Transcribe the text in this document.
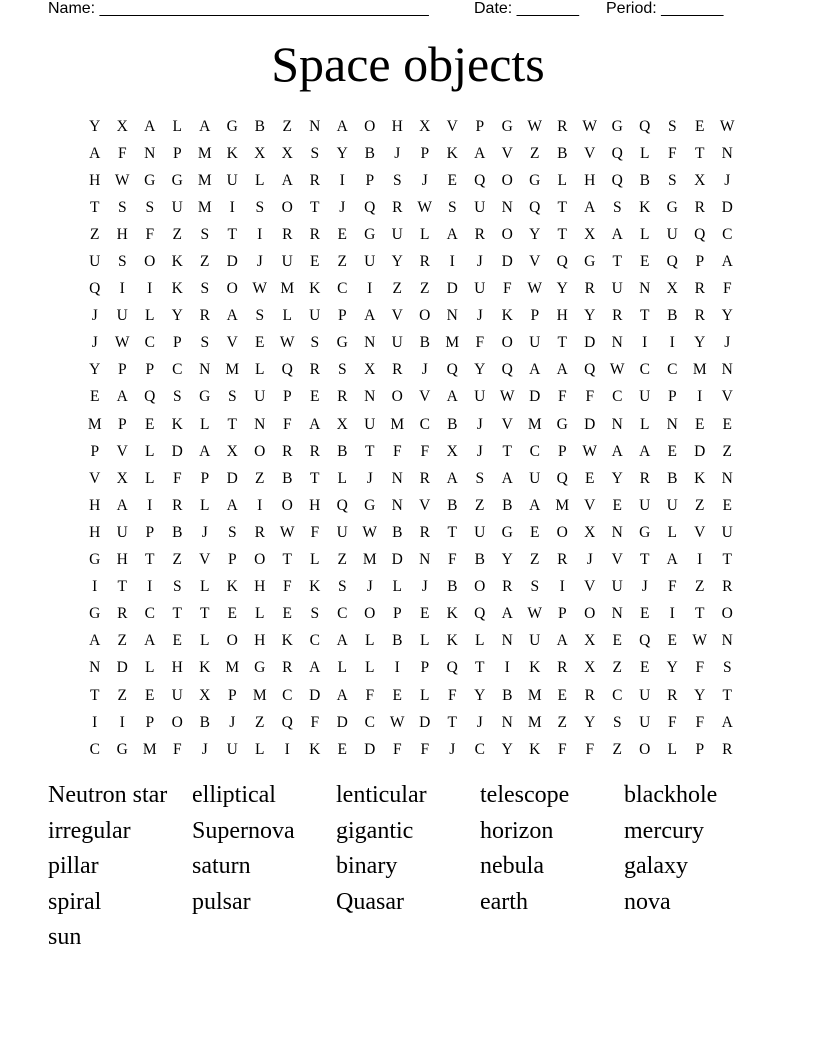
Name: _____________________________________	Date: _______ Period: _______
Space objects
Y	X	A	L	A	G	B	Z	N	A	O	H	X	V	P	G W R W G	Q	S	E W
A	F	N	P	M K	X	X	S	Y	B	J	P	K	A	V	Z	B	V	Q	L	F	T	N
H W G	G M U	L	A	R	I	P	S	J	E	Q	O	G	L	H	Q	B	S	X	J
T	S	S	U M	I	S	O	T	J	Q	R W	S	U	N	Q	T	A	S	K	G	R	D
Z	H	F	Z	S	T	I	R	R	E	G	U	L	A	R	O	Y	T	X	A	L	U	Q	C
U	S	O	K	Z	D	J	U	E	Z	U	Y	R	I	J	D	V	Q	G	T	E	Q	P	A
Q	I	I	K	S	O W M K	C	I	Z	Z	D	U	F	W Y	R	U	N	X	R	F
J	U	L	Y	R	A	S	L	U	P	A	V	O	N	J	K	P	H	Y	R	T	B	R	Y
J	W C	P	S	V	E W	S	G	N	U	B M	F	O	U	T	D	N	I	I	Y	J
Y	P	P	C	N M	L	Q	R	S	X	R	J	Q	Y	Q	A	A	Q W C	C M N
E	A	Q	S	G	S	U	P	E	R	N	O	V	A	U W D	F	F	C	U	P	I	V
M	P	E	K	L	T	N	F	A	X	U M C	B	J	V M G	D	N	L	N	E	E
P	V	L	D	A	X	O	R	R	B	T	F	F	X	J	T	C	P	W A	A	E	D	Z
V	X	L	F	P	D	Z	B	T	L	J	N	R	A	S	A	U	Q	E	Y	R	B	K	N
H	A	I	R	L	A	I	O	H	Q	G	N	V	B	Z	B	A M V	E	U	U	Z	E
H	U	P	B	J	S	R W	F	U W B	R	T	U	G	E	O	X	N	G	L	V	U
G	H	T	Z	V	P	O	T	L	Z	M D	N	F	B	Y	Z	R	J	V	T	A	I	T
I	T	I	S	L	K	H	F	K	S	J	L	J	B	O	R	S	I	V	U	J	F	Z	R
G	R	C	T	T	E	L	E	S	C	O	P	E	K	Q	A W	P	O	N	E	I	T	O
A	Z	A	E	L	O	H	K	C	A	L	B	L	K	L	N	U	A	X	E	Q	E W N
N	D	L	H	K M G	R	A	L	L	I	P	Q	T	I	K	R	X	Z	E	Y	F	S
T	Z	E	U	X	P	M C	D	A	F	E	L	F	Y	B M	E	R	C	U	R	Y	T
I	I	P	O	B	J	Z	Q	F	D	C W D	T	J	N M	Z	Y	S	U	F	F	A
C	G M	F	J	U	L	I	K	E	D	F	F	J	C	Y	K	F	F	Z	O	L	P	R
Neutron star	elliptical	lenticular	telescope	blackhole
irregular	Supernova	gigantic	horizon	mercury
pillar	saturn	binary	nebula	galaxy
spiral	pulsar	Quasar	earth	nova
sun
